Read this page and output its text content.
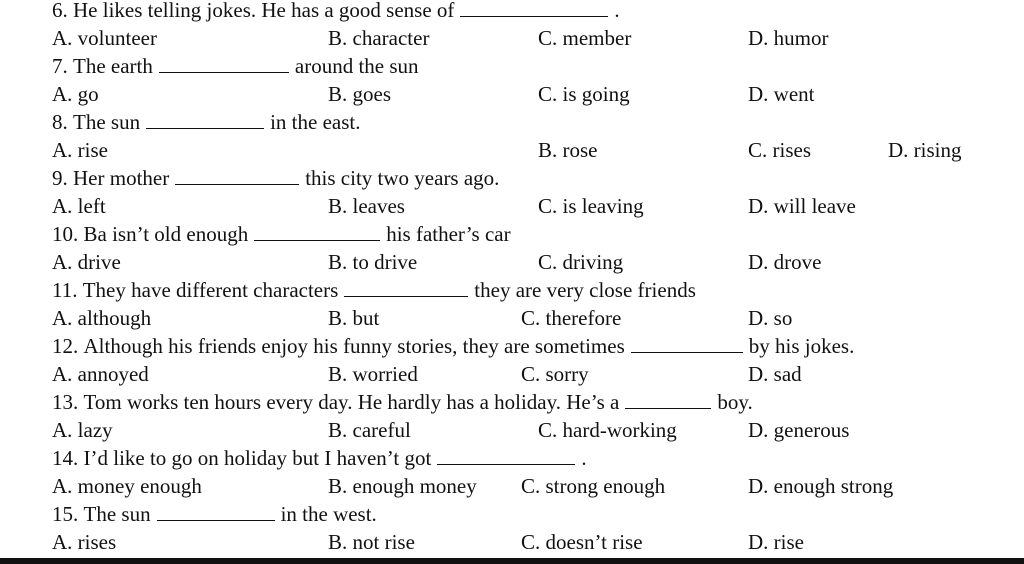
6. He likes telling jokes. He has a good sense of	.
A. volunteer	B. character	C. member	D. humor
7. The earth	around the sun
A. go	B. goes	C. is going	D. went
8. The sun	in the east.
A. rise	B. rose	C. rises	D. rising
9. Her mother	this city two years ago.
A. left	B. leaves	C. is leaving	D. will leave
10. Ba isn’t old enough	his father’s car
A. drive	B. to drive	C. driving	D. drove
11. They have different characters	they are very close friends
A. although	B. but	C. therefore	D. so
12. Although his friends enjoy his funny stories, they are sometimes	by his jokes.
A. annoyed	B. worried	C. sorry	D. sad
13. Tom works ten hours every day. He hardly has a holiday. He’s a	boy.
A. lazy	B. careful	C. hard-working	D. generous
14. I’d like to go on holiday but I haven’t got	.
A. money enough	B. enough money C. strong enough	D. enough strong
15. The sun	in the west.
A. rises	B. not rise	C. doesn’t rise	D. rise
